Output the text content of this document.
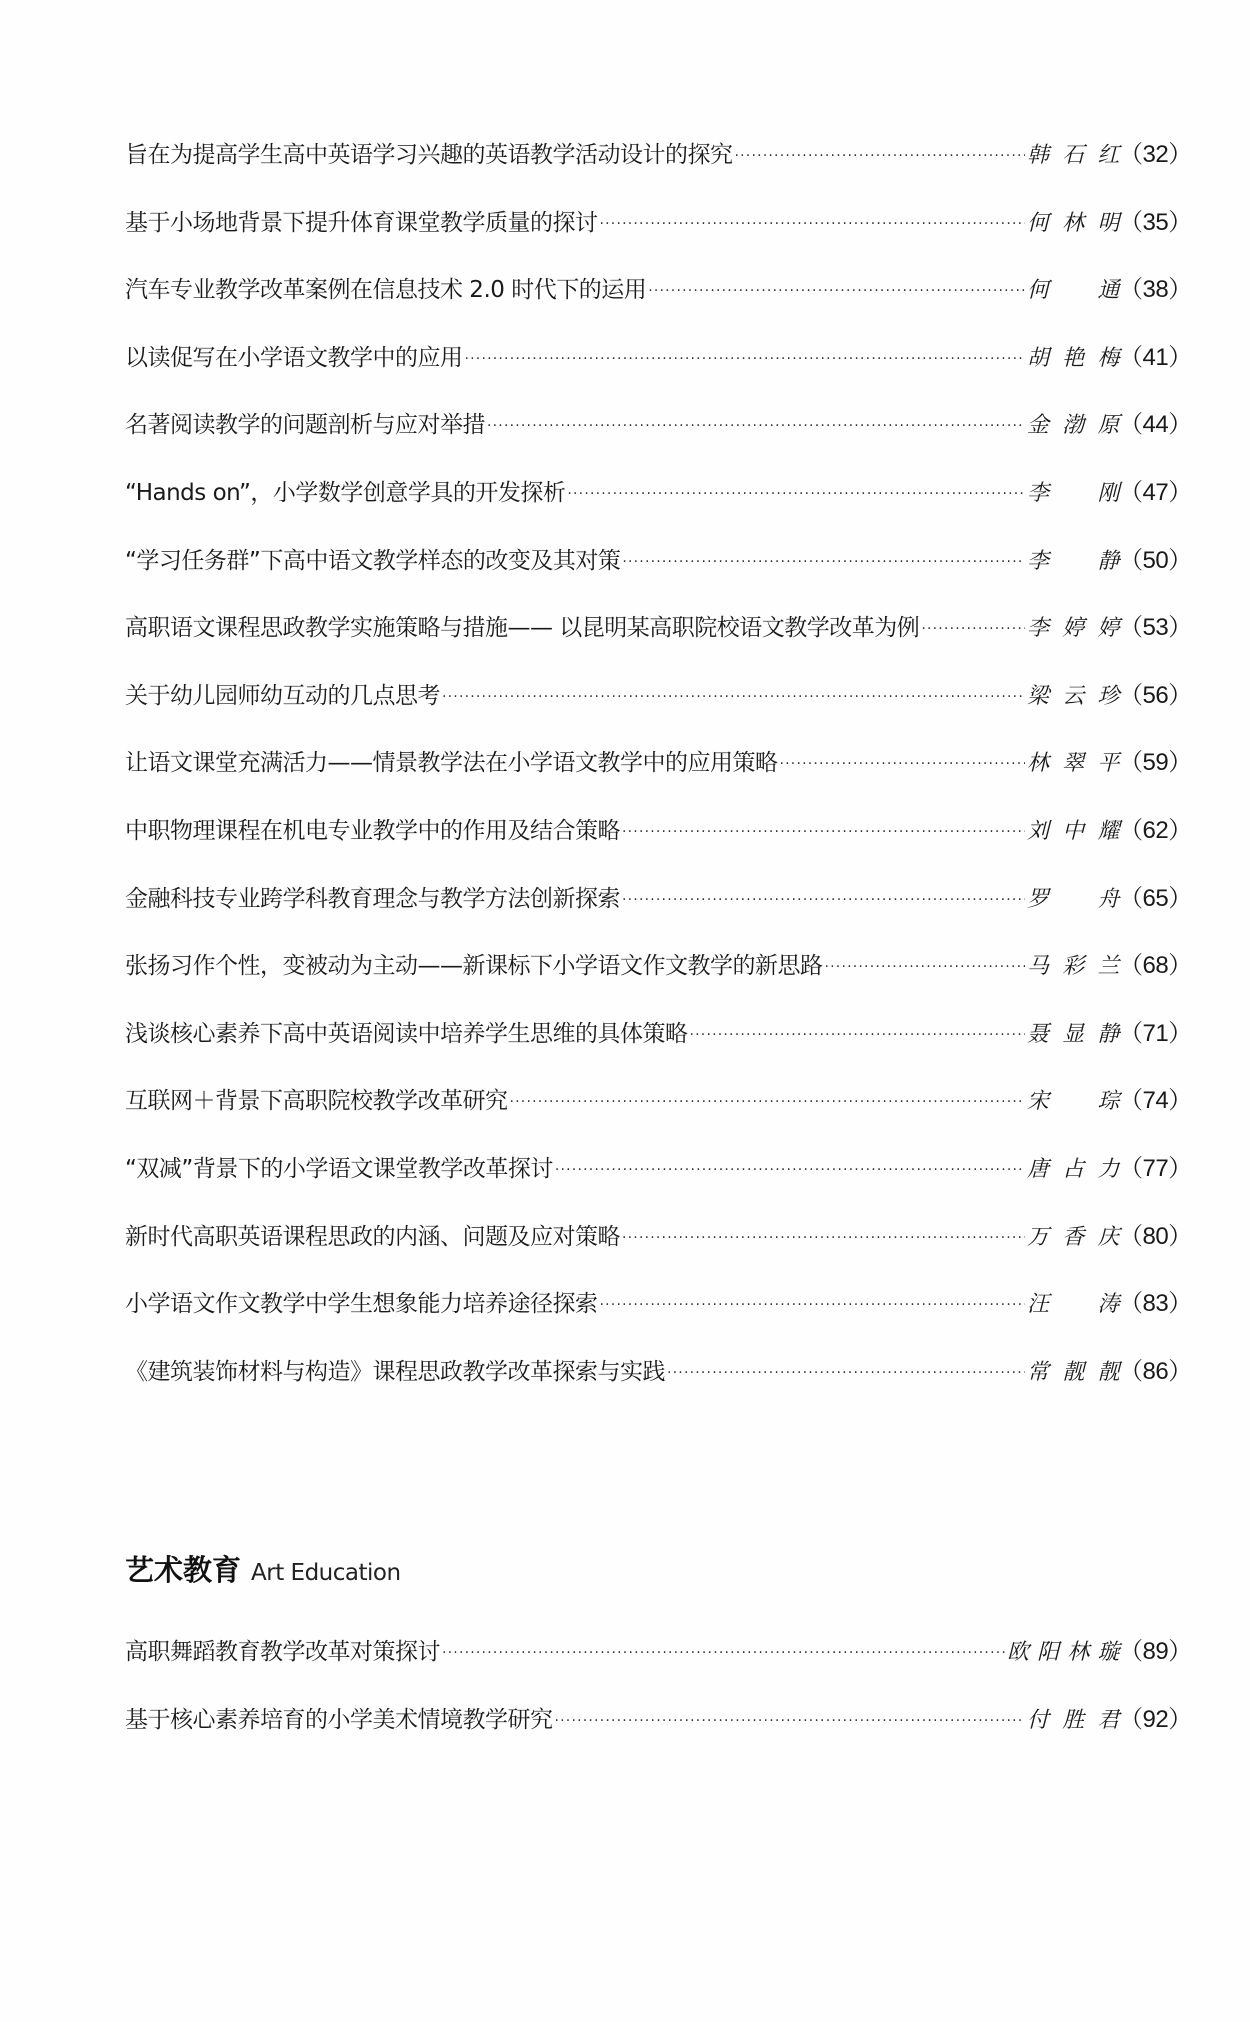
旨在为提高学生高中英语学习兴趣的英语教学活动设计的探究 ·····	韩石红 （32）
基于小场地背景下提升体育课堂教学质量的探讨 ·····	何林明 （35）
汽车专业教学改革案例在信息技术 2.0 时代下的运用 ·····	何　通 （38）
以读促写在小学语文教学中的应用 ·····	胡艳梅 （41）
名著阅读教学的问题剖析与应对举措 ·····	金渤原 （44）
“Hands on”，小学数学创意学具的开发探析 ·····	李　刚 （47）
“学习任务群”下高中语文教学样态的改变及其对策 ·····	李　静 （50）
高职语文课程思政教学实施策略与措施—— 以昆明某高职院校语文教学改革为例 ·····	李婷婷 （53）
关于幼儿园师幼互动的几点思考 ·····	梁云珍 （56）
让语文课堂充满活力——情景教学法在小学语文教学中的应用策略 ·····	林翠平 （59）
中职物理课程在机电专业教学中的作用及结合策略 ·····	刘中耀 （62）
金融科技专业跨学科教育理念与教学方法创新探索 ·····	罗　舟 （65）
张扬习作个性，变被动为主动——新课标下小学语文作文教学的新思路 ·····	马彩兰 （68）
浅谈核心素养下高中英语阅读中培养学生思维的具体策略 ·····	聂显静 （71）
互联网＋背景下高职院校教学改革研究 ·····	宋　琮 （74）
“双减”背景下的小学语文课堂教学改革探讨 ·····	唐占力 （77）
新时代高职英语课程思政的内涵、问题及应对策略 ·····	万香庆 （80）
小学语文作文教学中学生想象能力培养途径探索 ·····	汪　涛 （83）
《建筑装饰材料与构造》课程思政教学改革探索与实践 ·····	常靓靓 （86）
艺术教育 Art Education
高职舞蹈教育教学改革对策探讨 ·····	欧阳林璇 （89）
基于核心素养培育的小学美术情境教学研究 ·····	付胜君 （92）
